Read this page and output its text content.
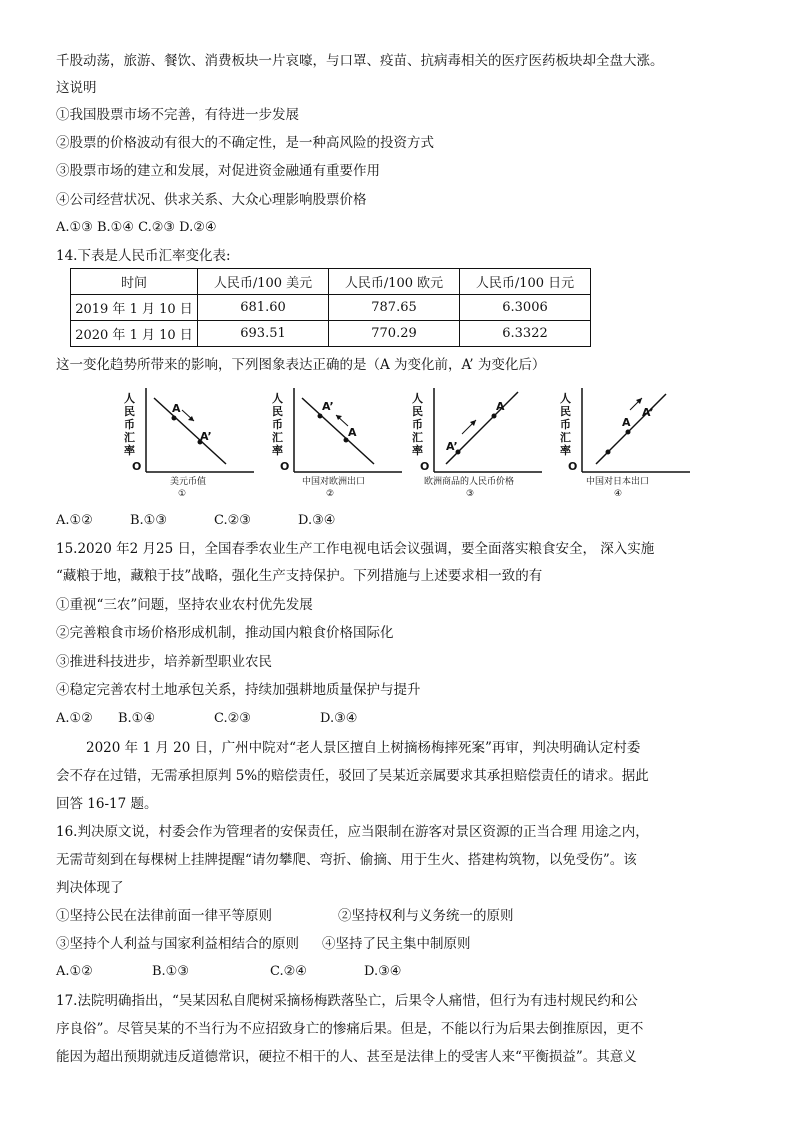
千股动荡，旅游、餐饮、消费板块一片哀嚎，与口罩、疫苗、抗病毒相关的医疗医药板块却全盘大涨。
这说明
①我国股票市场不完善，有待进一步发展
②股票的价格波动有很大的不确定性，是一种高风险的投资方式
③股票市场的建立和发展，对促进资金融通有重要作用
④公司经营状况、供求关系、大众心理影响股票价格
A.①③ B.①④ C.②③ D.②④
14.下表是人民币汇率变化表:
时间	人民币/100 美元	人民币/100 欧元	人民币/100 日元
2019 年 1 月 10 日	681.60	787.65	6.3006
2020 年 1 月 10 日	693.51	770.29	6.3322
这一变化趋势所带来的影响，下列图象表达正确的是（A 为变化前，A’ 为变化后）
人
民
币
汇
率
O
A
A’
美元币值
①
人
民
币
汇
率
O
A’
A
中国对欧洲出口
②
人
民
币
汇
率
O
A’
A
欧洲商品的人民币价格
③
人
民
币
汇
率
O
A
A’
中国对日本出口
④
A.①②	B.①③	C.②③	D.③④
15.2020 年2 月25 日，全国春季农业生产工作电视电话会议强调，要全面落实粮食安全， 深入实施
“藏粮于地，藏粮于技”战略，强化生产支持保护。下列措施与上述要求相一致的有
①重视“三农”问题，坚持农业农村优先发展
②完善粮食市场价格形成机制，推动国内粮食价格国际化
③推进科技进步，培养新型职业农民
④稳定完善农村土地承包关系，持续加强耕地质量保护与提升
A.①② B.①④	C.②③	D.③④
2020 年 1 月 20 日，广州中院对“老人景区擅自上树摘杨梅摔死案”再审，判决明确认定村委
会不存在过错，无需承担原判 5%的赔偿责任，驳回了吴某近亲属要求其承担赔偿责任的请求。据此
回答 16-17 题。
16.判决原文说，村委会作为管理者的安保责任，应当限制在游客对景区资源的正当合理 用途之内，
无需苛刻到在每棵树上挂牌提醒“请勿攀爬、弯折、偷摘、用于生火、搭建构筑物，以免受伤”。该
判决体现了
①坚持公民在法律前面一律平等原则	②坚持权利与义务统一的原则
③坚持个人利益与国家利益相结合的原则 ④坚持了民主集中制原则
A.①②	B.①③	C.②④	D.③④
17.法院明确指出，“吴某因私自爬树采摘杨梅跌落坠亡，后果令人痛惜，但行为有违村规民约和公
序良俗”。尽管吴某的不当行为不应招致身亡的惨痛后果。但是，不能以行为后果去倒推原因，更不
能因为超出预期就违反道德常识，硬拉不相干的人、甚至是法律上的受害人来“平衡损益”。其意义
